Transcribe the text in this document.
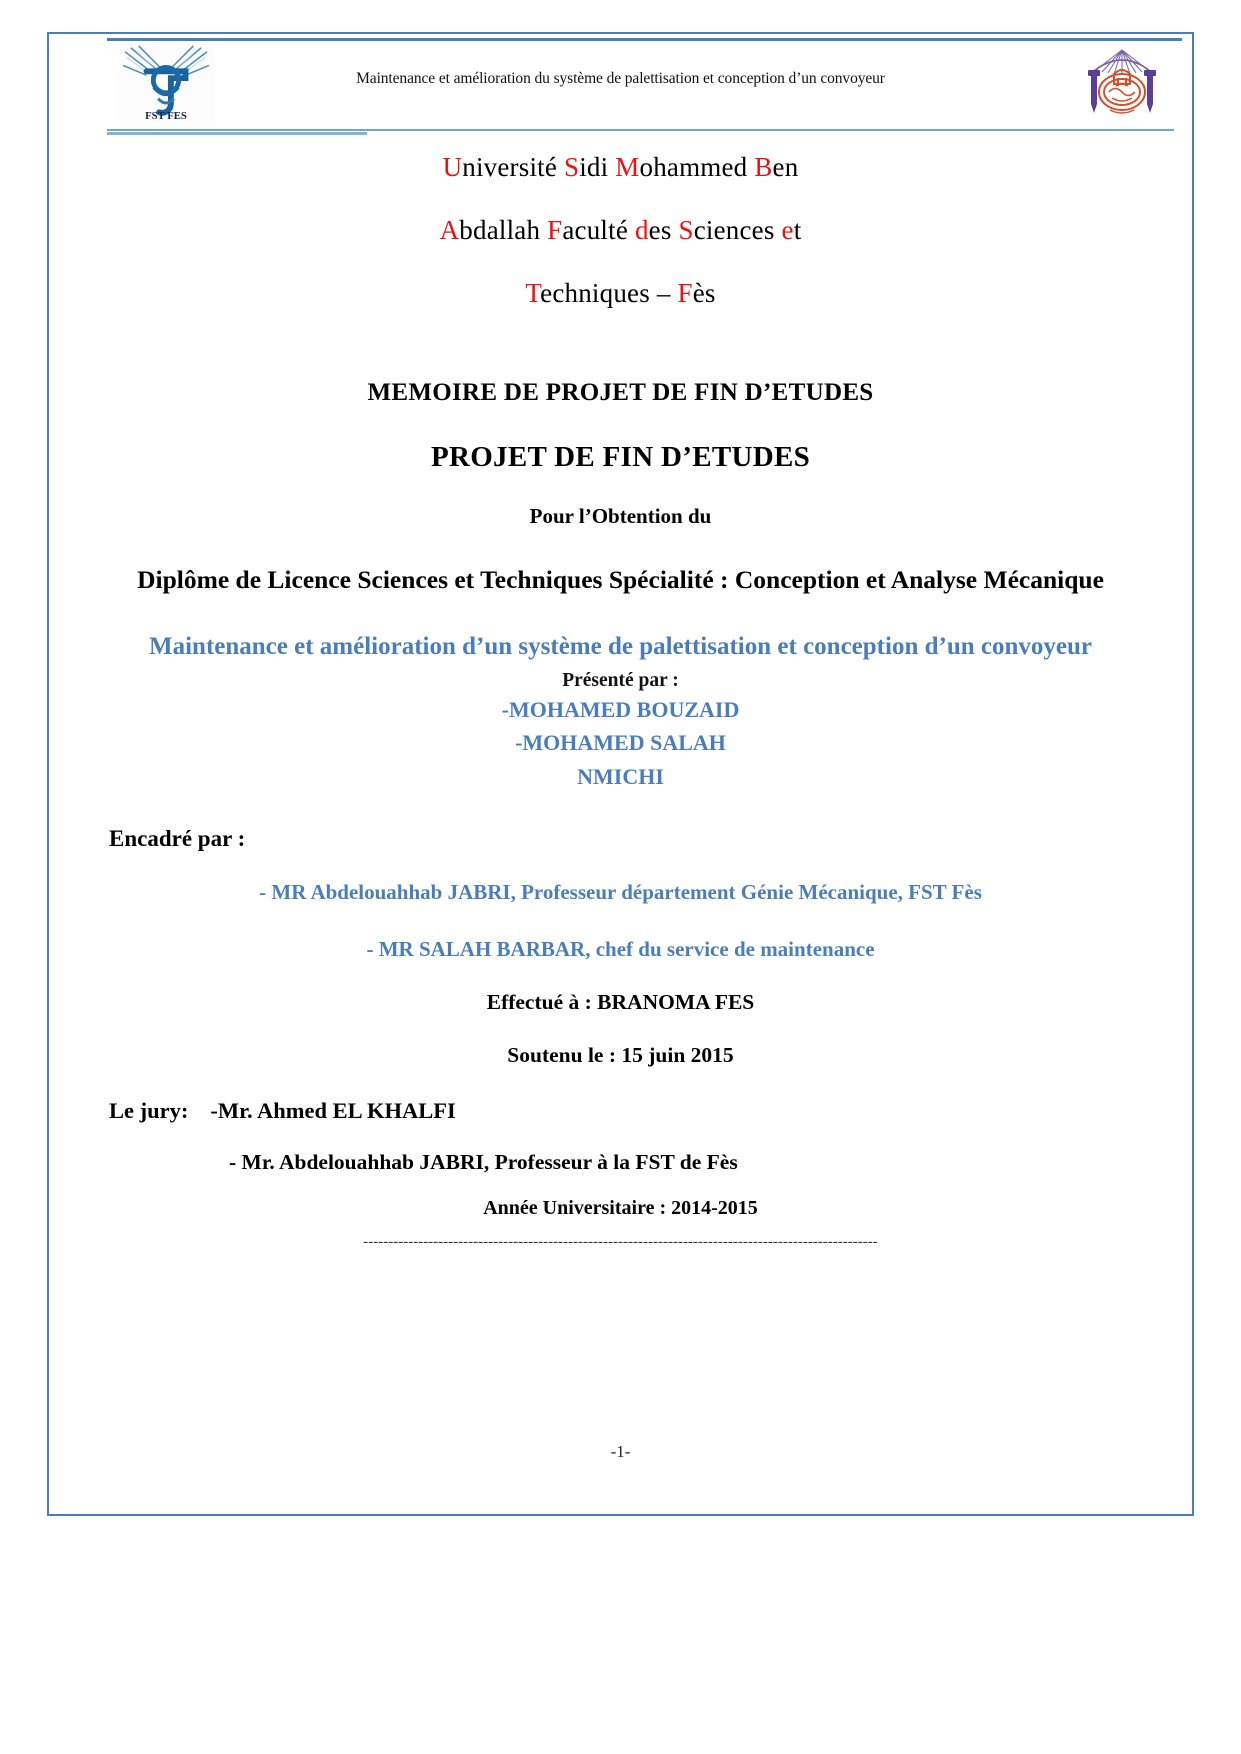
FST FES
Maintenance et amélioration du système de palettisation et conception d’un convoyeur
Université Sidi Mohammed Ben
Abdallah Faculté des Sciences et
Techniques – Fès
MEMOIRE DE PROJET DE FIN D’ETUDES
PROJET DE FIN D’ETUDES
Pour l’Obtention du
Diplôme de Licence Sciences et Techniques Spécialité : Conception et Analyse Mécanique
Maintenance et amélioration d’un système de palettisation et conception d’un convoyeur
Présenté par :
-MOHAMED BOUZAID
-MOHAMED SALAH
NMICHI
Encadré par :
- MR Abdelouahhab JABRI, Professeur département Génie Mécanique, FST Fès
- MR SALAH BARBAR, chef du service de maintenance
Effectué à : BRANOMA FES
Soutenu le : 15 juin 2015
Le jury: -Mr. Ahmed EL KHALFI
- Mr. Abdelouahhab JABRI, Professeur à la FST de Fès
Année Universitaire : 2014-2015
-------------------------------------------------------------------------------------------------------
-1-
